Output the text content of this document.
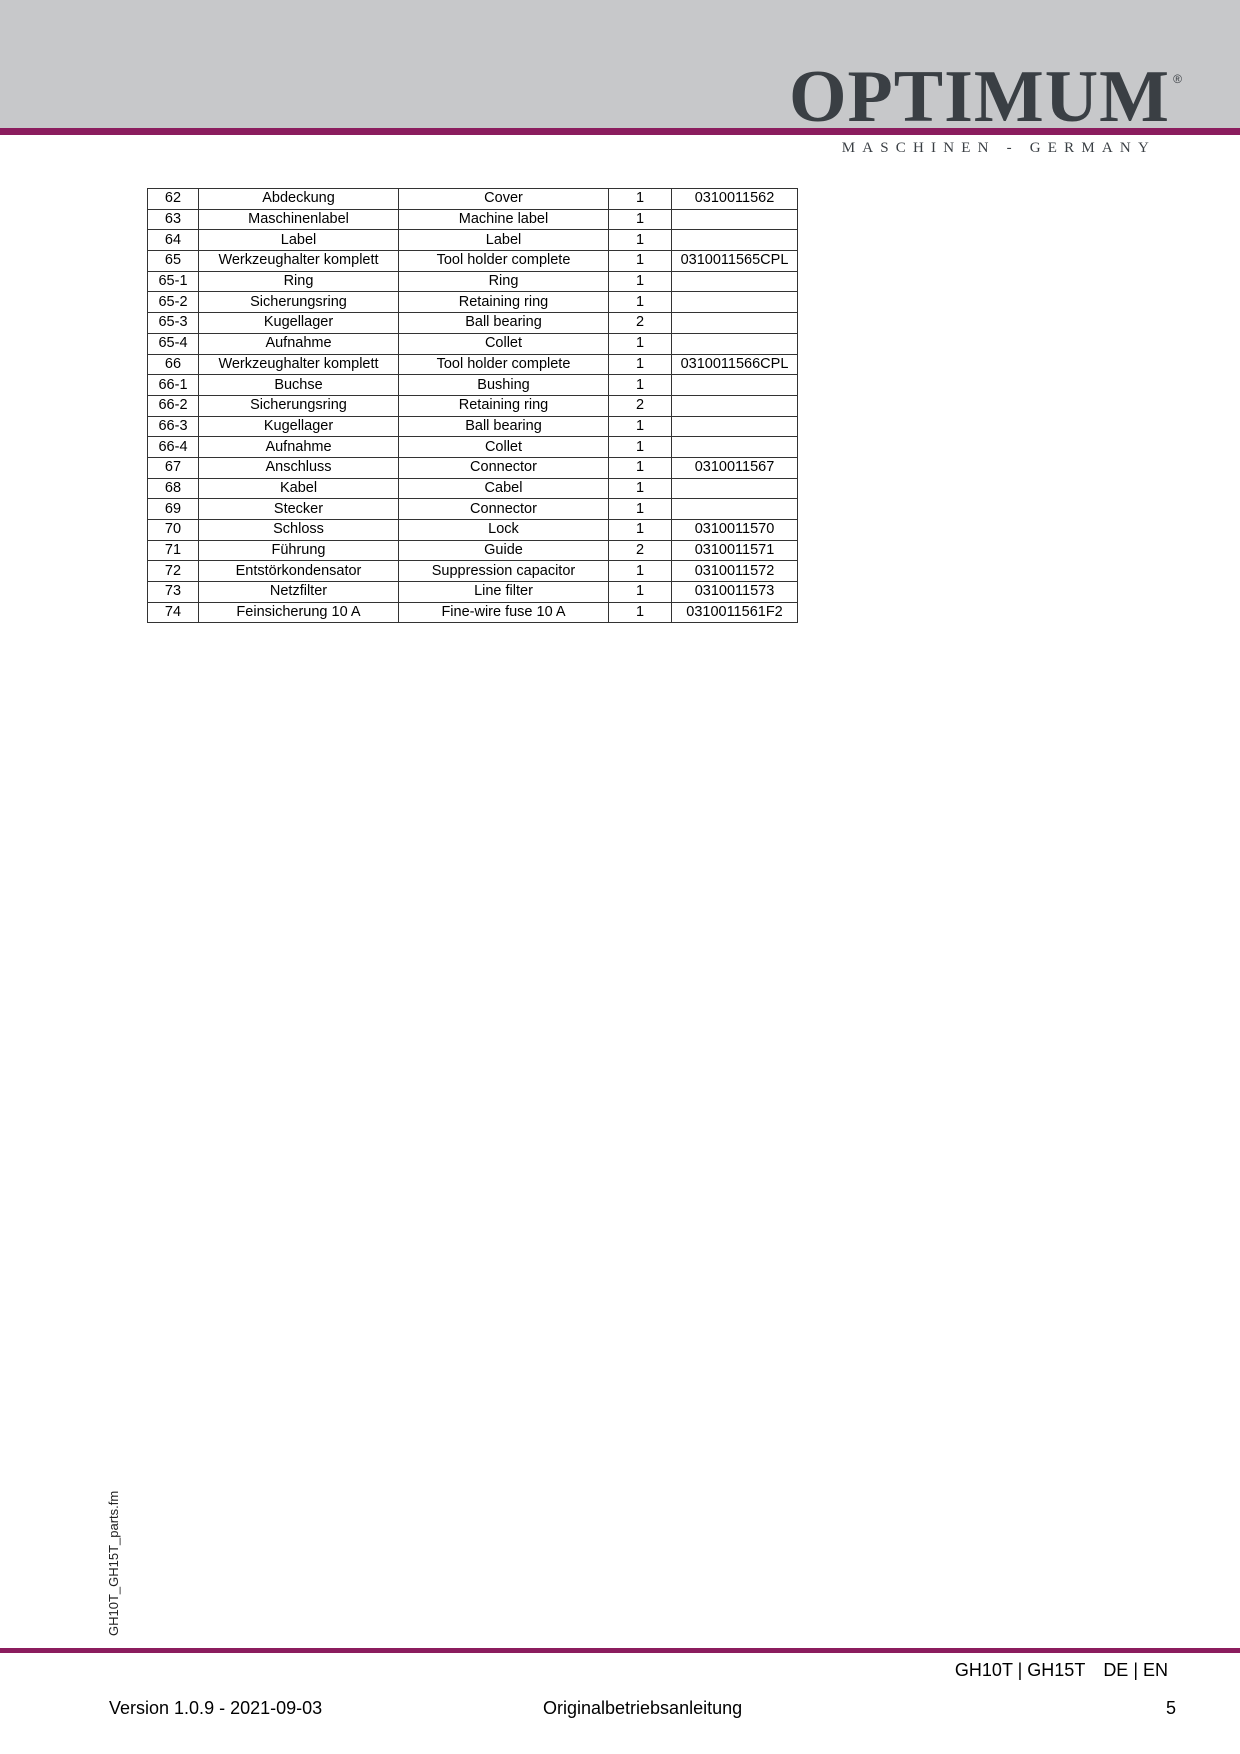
OPTIMUM ®
MASCHINEN - GERMANY
62	Abdeckung	Cover	1	0310011562
63	Maschinenlabel	Machine label	1	
64	Label	Label	1	
65	Werkzeughalter komplett	Tool holder complete	1	0310011565CPL
65-1	Ring	Ring	1	
65-2	Sicherungsring	Retaining ring	1	
65-3	Kugellager	Ball bearing	2	
65-4	Aufnahme	Collet	1	
66	Werkzeughalter komplett	Tool holder complete	1	0310011566CPL
66-1	Buchse	Bushing	1	
66-2	Sicherungsring	Retaining ring	2	
66-3	Kugellager	Ball bearing	1	
66-4	Aufnahme	Collet	1	
67	Anschluss	Connector	1	0310011567
68	Kabel	Cabel	1	
69	Stecker	Connector	1	
70	Schloss	Lock	1	0310011570
71	Führung	Guide	2	0310011571
72	Entstörkondensator	Suppression capacitor	1	0310011572
73	Netzfilter	Line filter	1	0310011573
74	Feinsicherung 10 A	Fine-wire fuse 10 A	1	0310011561F2
GH10T_GH15T_parts.fm
GH10T | GH15T DE | EN
Version 1.0.9 - 2021-09-03	Originalbetriebsanleitung	5
